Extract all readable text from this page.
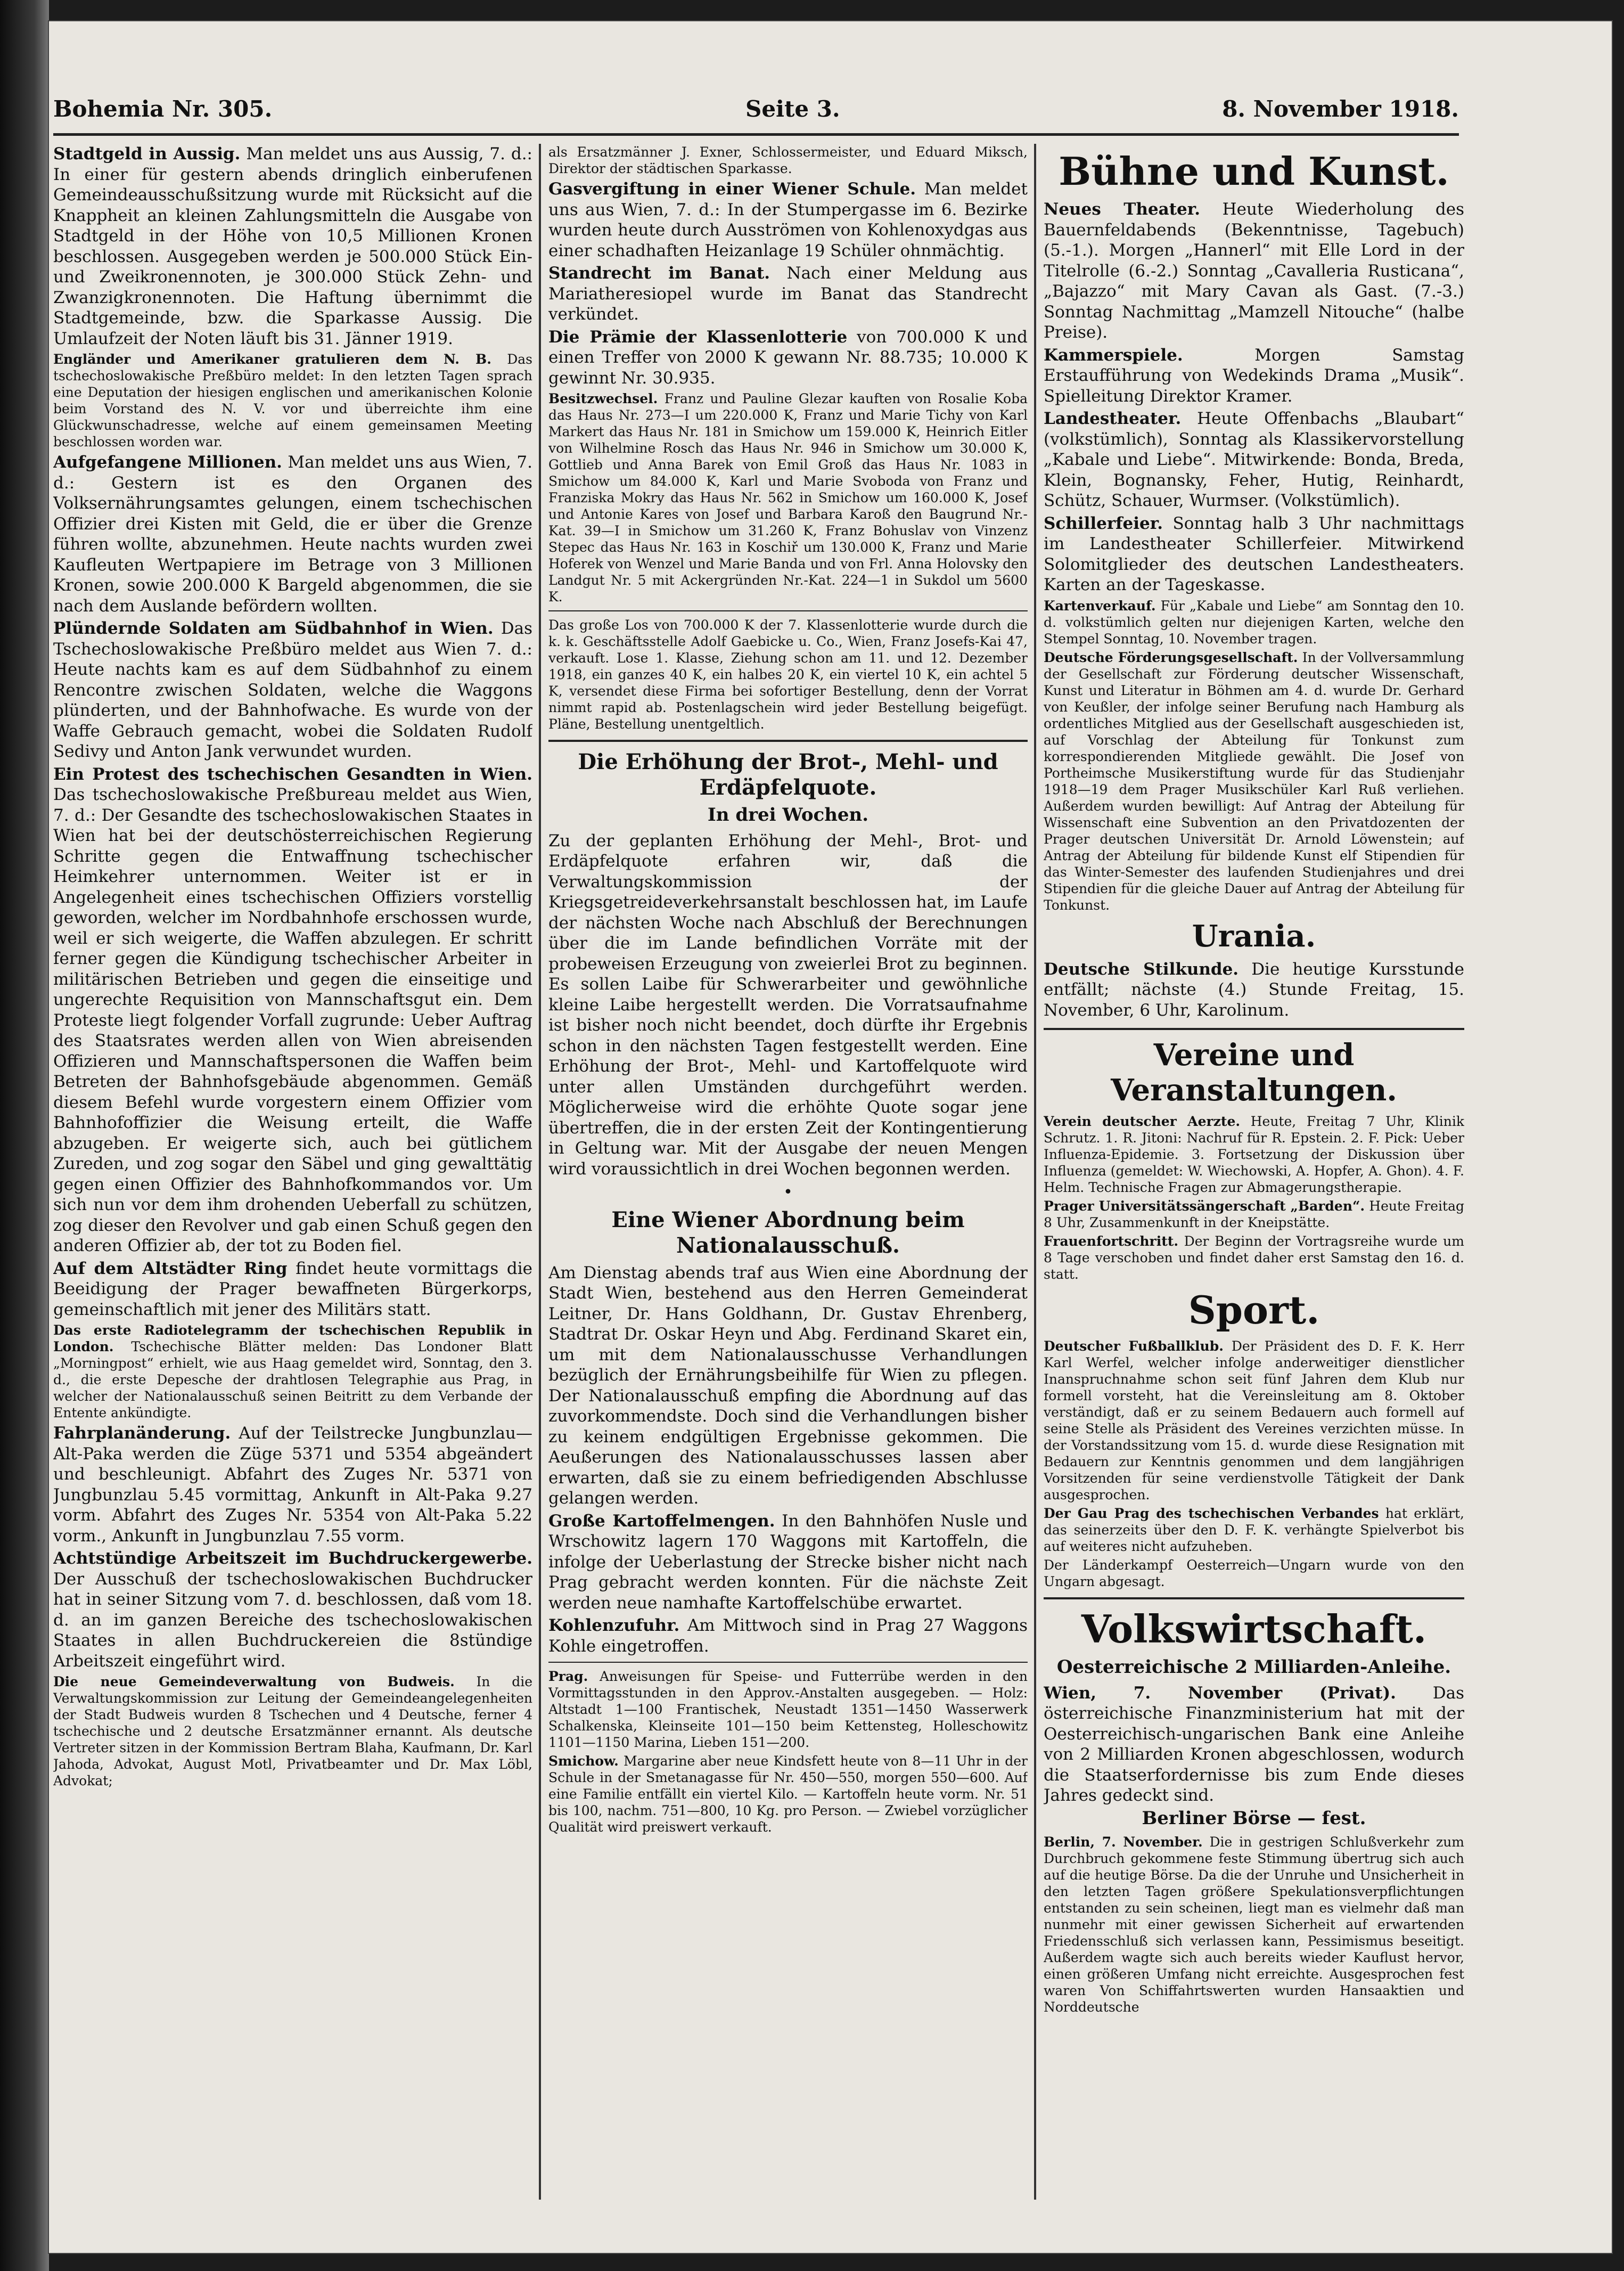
Bohemia Nr. 305.	Seite 3.	8. November 1918.

Stadtgeld in Aussig. Man meldet uns aus Aussig, 7. d.: In einer für gestern abends dringlich einberufenen Gemeindeausschußsitzung wurde mit Rücksicht auf die Knappheit an kleinen Zahlungsmitteln die Ausgabe von Stadtgeld in der Höhe von 10,5 Millionen Kronen beschlossen. Ausgegeben werden je 500.000 Stück Ein- und Zweikronennoten, je 300.000 Stück Zehn- und Zwanzigkronennoten. Die Haftung übernimmt die Stadtgemeinde, bzw. die Sparkasse Aussig. Die Umlaufzeit der Noten läuft bis 31. Jänner 1919.

Engländer und Amerikaner gratulieren dem N. B. Das tschechoslowakische Preßbüro meldet: In den letzten Tagen sprach eine Deputation der hiesigen englischen und amerikanischen Kolonie beim Vorstand des N. V. vor und überreichte ihm eine Glückwunschadresse, welche auf einem gemeinsamen Meeting beschlossen worden war.

Aufgefangene Millionen. Man meldet uns aus Wien, 7. d.: Gestern ist es den Organen des Volksernährungsamtes gelungen, einem tschechischen Offizier drei Kisten mit Geld, die er über die Grenze führen wollte, abzunehmen. Heute nachts wurden zwei Kaufleuten Wertpapiere im Betrage von 3 Millionen Kronen, sowie 200.000 K Bargeld abgenommen, die sie nach dem Auslande befördern wollten.

Plündernde Soldaten am Südbahnhof in Wien. Das Tschechoslowakische Preßbüro meldet aus Wien 7. d.: Heute nachts kam es auf dem Südbahnhof zu einem Rencontre zwischen Soldaten, welche die Waggons plünderten, und der Bahnhofwache. Es wurde von der Waffe Gebrauch gemacht, wobei die Soldaten Rudolf Sedivy und Anton Jank verwundet wurden.

Ein Protest des tschechischen Gesandten in Wien. Das tschechoslowakische Preßbureau meldet aus Wien, 7. d.: Der Gesandte des tschechoslowakischen Staates in Wien hat bei der deutschösterreichischen Regierung Schritte gegen die Entwaffnung tschechischer Heimkehrer unternommen. Weiter ist er in Angelegenheit eines tschechischen Offiziers vorstellig geworden, welcher im Nordbahnhofe erschossen wurde, weil er sich weigerte, die Waffen abzulegen. Er schritt ferner gegen die Kündigung tschechischer Arbeiter in militärischen Betrieben und gegen die einseitige und ungerechte Requisition von Mannschaftsgut ein. Dem Proteste liegt folgender Vorfall zugrunde: Ueber Auftrag des Staatsrates werden allen von Wien abreisenden Offizieren und Mannschaftspersonen die Waffen beim Betreten der Bahnhofsgebäude abgenommen. Gemäß diesem Befehl wurde vorgestern einem Offizier vom Bahnhofoffizier die Weisung erteilt, die Waffe abzugeben. Er weigerte sich, auch bei gütlichem Zureden, und zog sogar den Säbel und ging gewalttätig gegen einen Offizier des Bahnhofkommandos vor. Um sich nun vor dem ihm drohenden Ueberfall zu schützen, zog dieser den Revolver und gab einen Schuß gegen den anderen Offizier ab, der tot zu Boden fiel.

Auf dem Altstädter Ring findet heute vormittags die Beeidigung der Prager bewaffneten Bürgerkorps, gemeinschaftlich mit jener des Militärs statt.

Das erste Radiotelegramm der tschechischen Republik in London. Tschechische Blätter melden: Das Londoner Blatt „Morningpost“ erhielt, wie aus Haag gemeldet wird, Sonntag, den 3. d., die erste Depesche der drahtlosen Telegraphie aus Prag, in welcher der Nationalausschuß seinen Beitritt zu dem Verbande der Entente ankündigte.

Fahrplanänderung. Auf der Teilstrecke Jungbunzlau—Alt-Paka werden die Züge 5371 und 5354 abgeändert und beschleunigt. Abfahrt des Zuges Nr. 5371 von Jungbunzlau 5.45 vormittag, Ankunft in Alt-Paka 9.27 vorm. Abfahrt des Zuges Nr. 5354 von Alt-Paka 5.22 vorm., Ankunft in Jungbunzlau 7.55 vorm.

Achtstündige Arbeitszeit im Buchdruckergewerbe. Der Ausschuß der tschechoslowakischen Buchdrucker hat in seiner Sitzung vom 7. d. beschlossen, daß vom 18. d. an im ganzen Bereiche des tschechoslowakischen Staates in allen Buchdruckereien die 8stündige Arbeitszeit eingeführt wird.

Die neue Gemeindeverwaltung von Budweis. In die Verwaltungskommission zur Leitung der Gemeindeangelegenheiten der Stadt Budweis wurden 8 Tschechen und 4 Deutsche, ferner 4 tschechische und 2 deutsche Ersatzmänner ernannt. Als deutsche Vertreter sitzen in der Kommission Bertram Blaha, Kaufmann, Dr. Karl Jahoda, Advokat, August Motl, Privatbeamter und Dr. Max Löbl, Advokat;

als Ersatzmänner J. Exner, Schlossermeister, und Eduard Miksch, Direktor der städtischen Sparkasse.

Gasvergiftung in einer Wiener Schule. Man meldet uns aus Wien, 7. d.: In der Stumpergasse im 6. Bezirke wurden heute durch Ausströmen von Kohlenoxydgas aus einer schadhaften Heizanlage 19 Schüler ohnmächtig.

Standrecht im Banat. Nach einer Meldung aus Mariatheresiopel wurde im Banat das Standrecht verkündet.

Die Prämie der Klassenlotterie von 700.000 K und einen Treffer von 2000 K gewann Nr. 88.735; 10.000 K gewinnt Nr. 30.935.

Besitzwechsel. Franz und Pauline Glezar kauften von Rosalie Koba das Haus Nr. 273—I um 220.000 K, Franz und Marie Tichy von Karl Markert das Haus Nr. 181 in Smichow um 159.000 K, Heinrich Eitler von Wilhelmine Rosch das Haus Nr. 946 in Smichow um 30.000 K, Gottlieb und Anna Barek von Emil Groß das Haus Nr. 1083 in Smichow um 84.000 K, Karl und Marie Svoboda von Franz und Franziska Mokry das Haus Nr. 562 in Smichow um 160.000 K, Josef und Antonie Kares von Josef und Barbara Karoß den Baugrund Nr.-Kat. 39—I in Smichow um 31.260 K, Franz Bohuslav von Vinzenz Stepec das Haus Nr. 163 in Koschiř um 130.000 K, Franz und Marie Hoferek von Wenzel und Marie Banda und von Frl. Anna Holovsky den Landgut Nr. 5 mit Ackergründen Nr.-Kat. 224—1 in Sukdol um 5600 K.

Das große Los von 700.000 K der 7. Klassenlotterie wurde durch die k. k. Geschäftsstelle Adolf Gaebicke u. Co., Wien, Franz Josefs-Kai 47, verkauft. Lose 1. Klasse, Ziehung schon am 11. und 12. Dezember 1918, ein ganzes 40 K, ein halbes 20 K, ein viertel 10 K, ein achtel 5 K, versendet diese Firma bei sofortiger Bestellung, denn der Vorrat nimmt rapid ab. Postenlagschein wird jeder Bestellung beigefügt. Pläne, Bestellung unentgeltlich.

Die Erhöhung der Brot-, Mehl- und Erdäpfelquote.
In drei Wochen.

Zu der geplanten Erhöhung der Mehl-, Brot- und Erdäpfelquote erfahren wir, daß die Verwaltungskommission der Kriegsgetreideverkehrsanstalt beschlossen hat, im Laufe der nächsten Woche nach Abschluß der Berechnungen über die im Lande befindlichen Vorräte mit der probeweisen Erzeugung von zweierlei Brot zu beginnen. Es sollen Laibe für Schwerarbeiter und gewöhnliche kleine Laibe hergestellt werden. Die Vorratsaufnahme ist bisher noch nicht beendet, doch dürfte ihr Ergebnis schon in den nächsten Tagen festgestellt werden. Eine Erhöhung der Brot-, Mehl- und Kartoffelquote wird unter allen Umständen durchgeführt werden. Möglicherweise wird die erhöhte Quote sogar jene übertreffen, die in der ersten Zeit der Kontingentierung in Geltung war. Mit der Ausgabe der neuen Mengen wird voraussichtlich in drei Wochen begonnen werden.

•
Eine Wiener Abordnung beim Nationalausschuß.

Am Dienstag abends traf aus Wien eine Abordnung der Stadt Wien, bestehend aus den Herren Gemeinderat Leitner, Dr. Hans Goldhann, Dr. Gustav Ehrenberg, Stadtrat Dr. Oskar Heyn und Abg. Ferdinand Skaret ein, um mit dem Nationalausschusse Verhandlungen bezüglich der Ernährungsbeihilfe für Wien zu pflegen. Der Nationalausschuß empfing die Abordnung auf das zuvorkommendste. Doch sind die Verhandlungen bisher zu keinem endgültigen Ergebnisse gekommen. Die Aeußerungen des Nationalausschusses lassen aber erwarten, daß sie zu einem befriedigenden Abschlusse gelangen werden.

Große Kartoffelmengen. In den Bahnhöfen Nusle und Wrschowitz lagern 170 Waggons mit Kartoffeln, die infolge der Ueberlastung der Strecke bisher nicht nach Prag gebracht werden konnten. Für die nächste Zeit werden neue namhafte Kartoffelschübe erwartet.

Kohlenzufuhr. Am Mittwoch sind in Prag 27 Waggons Kohle eingetroffen.

Prag. Anweisungen für Speise- und Futterrübe werden in den Vormittagsstunden in den Approv.-Anstalten ausgegeben. — Holz: Altstadt 1—100 Frantischek, Neustadt 1351—1450 Wasserwerk Schalkenska, Kleinseite 101—150 beim Kettensteg, Holleschowitz 1101—1150 Marina, Lieben 151—200.

Smichow. Margarine aber neue Kindsfett heute von 8—11 Uhr in der Schule in der Smetanagasse für Nr. 450—550, morgen 550—600. Auf eine Familie entfällt ein viertel Kilo. — Kartoffeln heute vorm. Nr. 51 bis 100, nachm. 751—800, 10 Kg. pro Person. — Zwiebel vorzüglicher Qualität wird preiswert verkauft.

Bühne und Kunst.

Neues Theater. Heute Wiederholung des Bauernfeldabends (Bekenntnisse, Tagebuch) (5.-1.). Morgen „Hannerl“ mit Elle Lord in der Titelrolle (6.-2.) Sonntag „Cavalleria Rusticana“, „Bajazzo“ mit Mary Cavan als Gast. (7.-3.) Sonntag Nachmittag „Mamzell Nitouche“ (halbe Preise).

Kammerspiele.	Morgen Samstag Erstaufführung von Wedekinds Drama „Musik“. Spielleitung Direktor Kramer.

Landestheater. Heute Offenbachs „Blaubart“ (volkstümlich), Sonntag als Klassikervorstellung „Kabale und Liebe“. Mitwirkende: Bonda, Breda, Klein, Bognansky, Feher, Hutig, Reinhardt, Schütz, Schauer, Wurmser. (Volkstümlich).

Schillerfeier. Sonntag halb 3 Uhr nachmittags im Landestheater Schillerfeier. Mitwirkend Solomitglieder des deutschen Landestheaters. Karten an der Tageskasse.

Kartenverkauf. Für „Kabale und Liebe“ am Sonntag den 10. d. volkstümlich gelten nur diejenigen Karten, welche den Stempel Sonntag, 10. November tragen.

Deutsche Förderungsgesellschaft. In der Vollversammlung der Gesellschaft zur Förderung deutscher Wissenschaft, Kunst und Literatur in Böhmen am 4. d. wurde Dr. Gerhard von Keußler, der infolge seiner Berufung nach Hamburg als ordentliches Mitglied aus der Gesellschaft ausgeschieden ist, auf Vorschlag der Abteilung für Tonkunst zum korrespondierenden Mitgliede gewählt. Die Josef von Portheimsche Musikerstiftung wurde für das Studienjahr 1918—19 dem Prager Musikschüler Karl Ruß verliehen. Außerdem wurden bewilligt: Auf Antrag der Abteilung für Wissenschaft eine Subvention an den Privatdozenten der Prager deutschen Universität Dr. Arnold Löwenstein; auf Antrag der Abteilung für bildende Kunst elf Stipendien für das Winter-Semester des laufenden Studienjahres und drei Stipendien für die gleiche Dauer auf Antrag der Abteilung für Tonkunst.

Urania.

Deutsche Stilkunde. Die heutige Kursstunde entfällt; nächste (4.) Stunde Freitag, 15. November, 6 Uhr, Karolinum.

Vereine und Veranstaltungen.

Verein deutscher Aerzte. Heute, Freitag 7 Uhr, Klinik Schrutz. 1. R. Jitoni: Nachruf für R. Epstein. 2. F. Pick: Ueber Influenza-Epidemie. 3. Fortsetzung der Diskussion über Influenza (gemeldet: W. Wiechowski, A. Hopfer, A. Ghon). 4. F. Helm. Technische Fragen zur Abmagerungstherapie.

Prager Universitätssängerschaft „Barden“. Heute Freitag 8 Uhr, Zusammenkunft in der Kneipstätte.

Frauenfortschritt. Der Beginn der Vortragsreihe wurde um 8 Tage verschoben und findet daher erst Samstag den 16. d. statt.

Sport.

Deutscher Fußballklub. Der Präsident des D. F. K. Herr Karl Werfel, welcher infolge anderweitiger dienstlicher Inanspruchnahme schon seit fünf Jahren dem Klub nur formell vorsteht, hat die Vereinsleitung am 8. Oktober verständigt, daß er zu seinem Bedauern auch formell auf seine Stelle als Präsident des Vereines verzichten müsse. In der Vorstandssitzung vom 15. d. wurde diese Resignation mit Bedauern zur Kenntnis genommen und dem langjährigen Vorsitzenden für seine verdienstvolle Tätigkeit der Dank ausgesprochen.

Der Gau Prag des tschechischen Verbandes hat erklärt, das seinerzeits über den D. F. K. verhängte Spielverbot bis auf weiteres nicht aufzuheben.

Der Länderkampf Oesterreich—Ungarn wurde von den Ungarn abgesagt.

Volkswirtschaft.
Oesterreichische 2 Milliarden-Anleihe.

Wien, 7. November (Privat). Das österreichische Finanzministerium hat mit der Oesterreichisch-ungarischen Bank eine Anleihe von 2 Milliarden Kronen abgeschlossen, wodurch die Staatserfordernisse bis zum Ende dieses Jahres gedeckt sind.

Berliner Börse — fest.

Berlin, 7. November. Die in gestrigen Schlußverkehr zum Durchbruch gekommene feste Stimmung übertrug sich auch auf die heutige Börse. Da die der Unruhe und Unsicherheit in den letzten Tagen größere Spekulationsverpflichtungen entstanden zu sein scheinen, liegt man es vielmehr daß man nunmehr mit einer gewissen Sicherheit auf erwartenden Friedensschluß sich verlassen kann, Pessimismus beseitigt. Außerdem wagte sich auch bereits wieder Kauflust hervor, einen größeren Umfang nicht erreichte. Ausgesprochen fest waren Von Schiffahrtswerten wurden Hansaaktien und Norddeutsche
